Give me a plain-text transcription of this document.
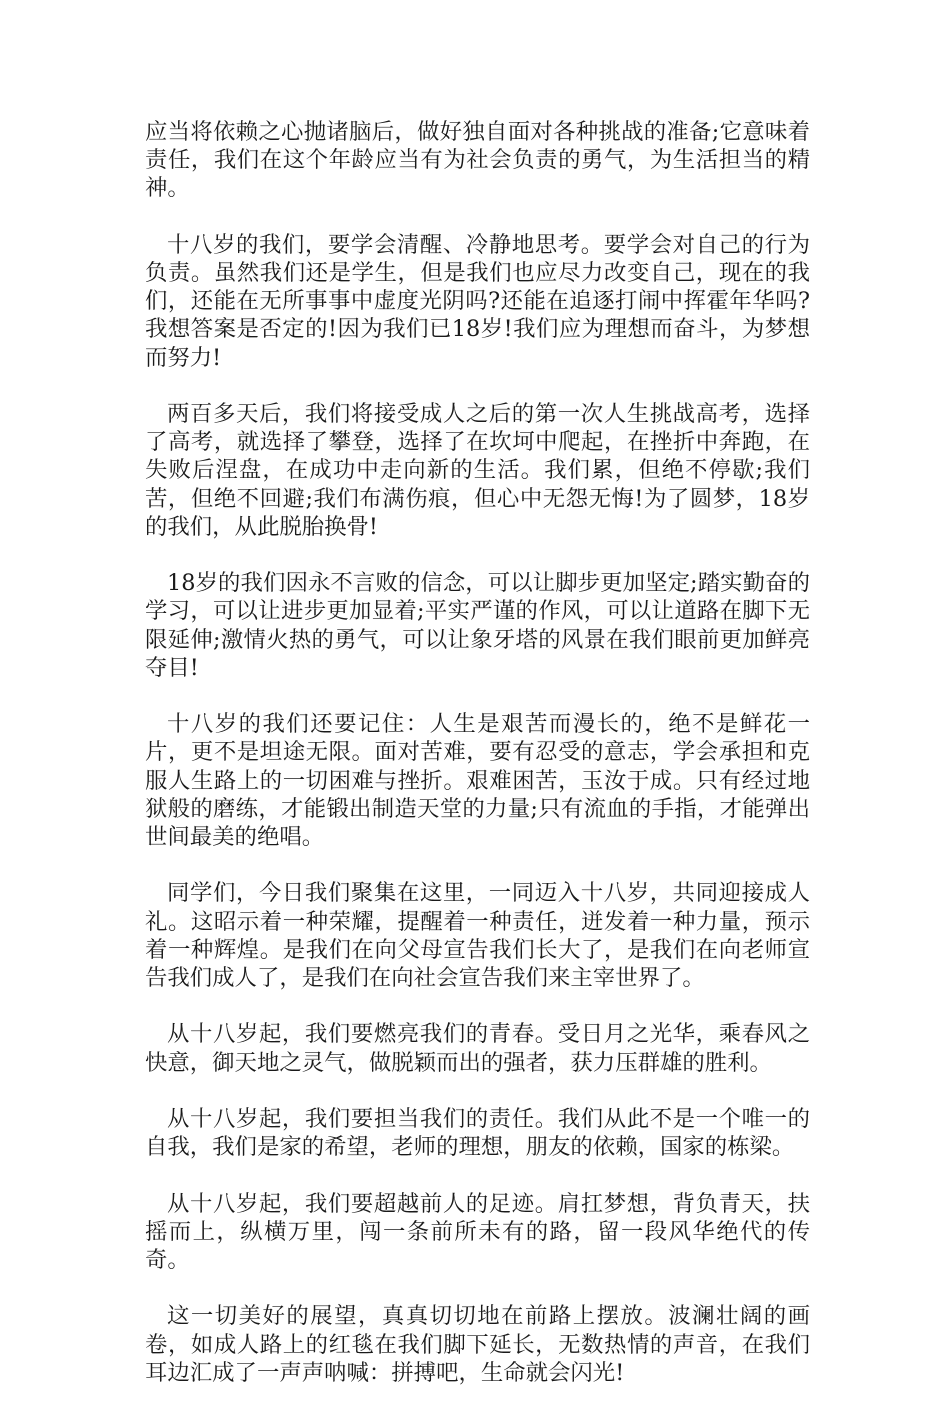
应当将依赖之心抛诸脑后，做好独自面对各种挑战的准备;它意味着责任，我们在这个年龄应当有为社会负责的勇气，为生活担当的精神。

十八岁的我们，要学会清醒、冷静地思考。要学会对自己的行为负责。虽然我们还是学生，但是我们也应尽力改变自己，现在的我们，还能在无所事事中虚度光阴吗?还能在追逐打闹中挥霍年华吗?我想答案是否定的!因为我们已18岁!我们应为理想而奋斗，为梦想而努力!

两百多天后，我们将接受成人之后的第一次人生挑战高考，选择了高考，就选择了攀登，选择了在坎坷中爬起，在挫折中奔跑，在失败后涅盘，在成功中走向新的生活。我们累，但绝不停歇;我们苦，但绝不回避;我们布满伤痕，但心中无怨无悔!为了圆梦，18岁的我们，从此脱胎换骨!

18岁的我们因永不言败的信念，可以让脚步更加坚定;踏实勤奋的学习，可以让进步更加显着;平实严谨的作风，可以让道路在脚下无限延伸;激情火热的勇气，可以让象牙塔的风景在我们眼前更加鲜亮夺目!

十八岁的我们还要记住：人生是艰苦而漫长的，绝不是鲜花一片，更不是坦途无限。面对苦难，要有忍受的意志，学会承担和克服人生路上的一切困难与挫折。艰难困苦，玉汝于成。只有经过地狱般的磨练，才能锻出制造天堂的力量;只有流血的手指，才能弹出世间最美的绝唱。

同学们，今日我们聚集在这里，一同迈入十八岁，共同迎接成人礼。这昭示着一种荣耀，提醒着一种责任，迸发着一种力量，预示着一种辉煌。是我们在向父母宣告我们长大了，是我们在向老师宣告我们成人了，是我们在向社会宣告我们来主宰世界了。

从十八岁起，我们要燃亮我们的青春。受日月之光华，乘春风之快意，御天地之灵气，做脱颖而出的强者，获力压群雄的胜利。

从十八岁起，我们要担当我们的责任。我们从此不是一个唯一的自我，我们是家的希望，老师的理想，朋友的依赖，国家的栋梁。

从十八岁起，我们要超越前人的足迹。肩扛梦想，背负青天，扶摇而上，纵横万里，闯一条前所未有的路，留一段风华绝代的传奇。

这一切美好的展望，真真切切地在前路上摆放。波澜壮阔的画卷，如成人路上的红毯在我们脚下延长，无数热情的声音，在我们耳边汇成了一声声呐喊：拼搏吧，生命就会闪光!
